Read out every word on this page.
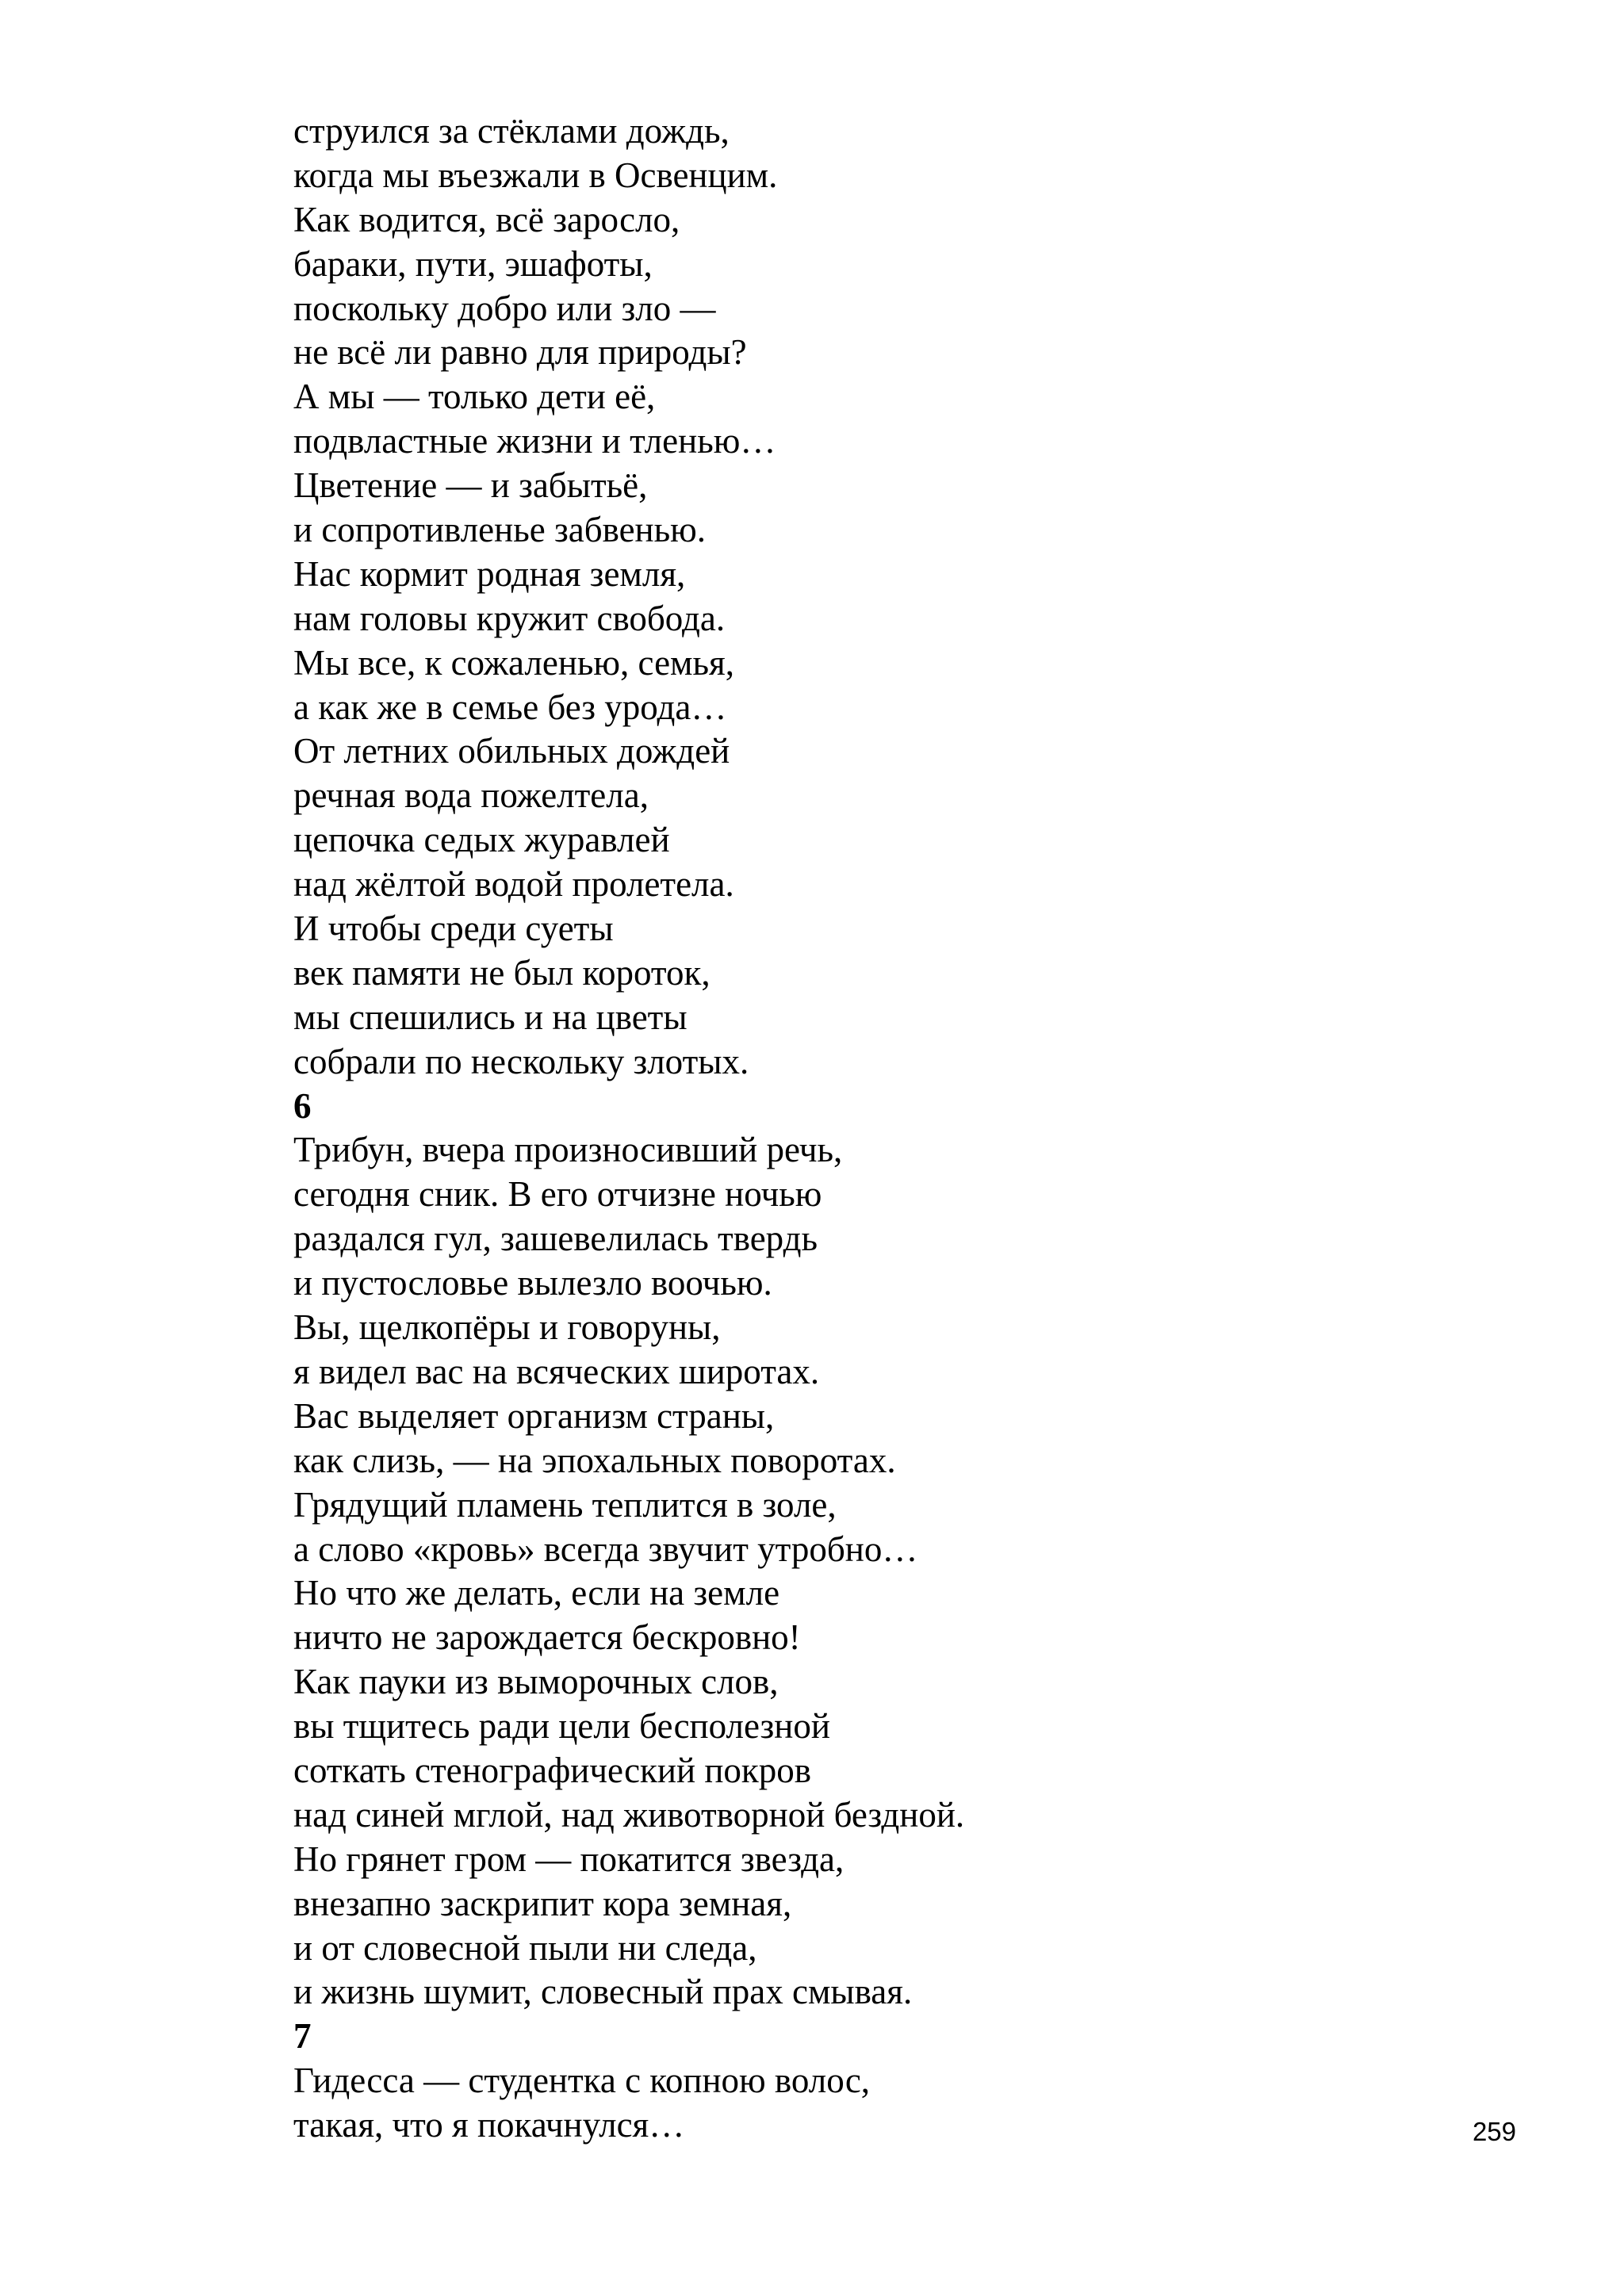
струился за стёклами дождь,
когда мы въезжали в Освенцим.
Как водится, всё заросло,
бараки, пути, эшафоты,
поскольку добро или зло —
не всё ли равно для природы?
А мы — только дети её,
подвластные жизни и тленью…
Цветение — и забытьё,
и сопротивленье забвенью.
Нас кормит родная земля,
нам головы кружит свобода.
Мы все, к сожаленью, семья,
а как же в семье без урода…
От летних обильных дождей
речная вода пожелтела,
цепочка седых журавлей
над жёлтой водой пролетела.
И чтобы среди суеты
век памяти не был короток,
мы спешились и на цветы
собрали по нескольку злотых.
6
Трибун, вчера произносивший речь,
сегодня сник. В его отчизне ночью
раздался гул, зашевелилась твердь
и пустословье вылезло воочью.
Вы, щелкопёры и говоруны,
я видел вас на всяческих широтах.
Вас выделяет организм страны,
как слизь, — на эпохальных поворотах.
Грядущий пламень теплится в золе,
а слово «кровь» всегда звучит утробно…
Но что же делать, если на земле
ничто не зарождается бескровно!
Как пауки из выморочных слов,
вы тщитесь ради цели бесполезной
соткать стенографический покров
над синей мглой, над животворной бездной.
Но грянет гром — покатится звезда,
внезапно заскрипит кора земная,
и от словесной пыли ни следа,
и жизнь шумит, словесный прах смывая.
7
Гидесса — студентка с копною волос,
такая, что я покачнулся…	259
